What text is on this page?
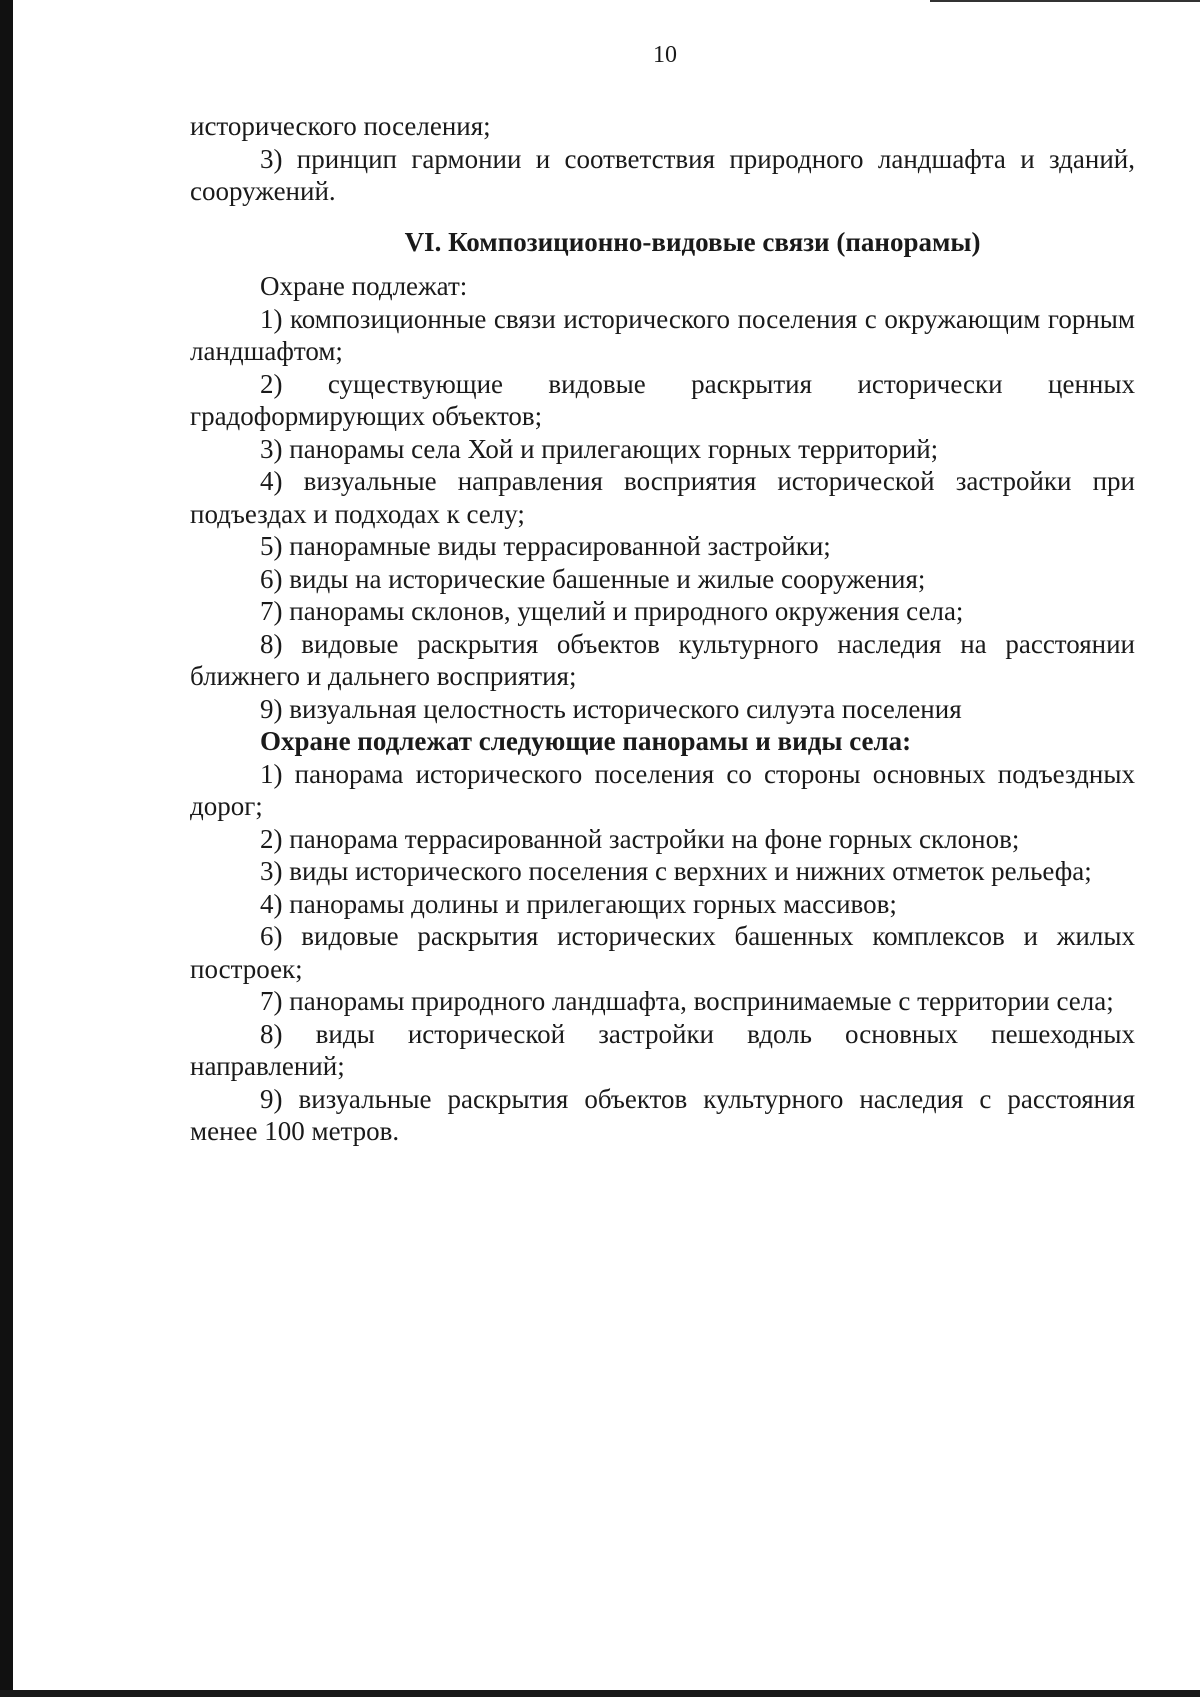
10

исторического поселения;

3) принцип гармонии и соответствия природного ландшафта и зданий, сооружений.

VI. Композиционно-видовые связи (панорамы)

Охране подлежат:

1) композиционные связи исторического поселения с окружающим горным ландшафтом;

2) существующие видовые раскрытия исторически ценных градоформирующих объектов;

3) панорамы села Хой и прилегающих горных территорий;

4) визуальные направления восприятия исторической застройки при подъездах и подходах к селу;

5) панорамные виды террасированной застройки;

6) виды на исторические башенные и жилые сооружения;

7) панорамы склонов, ущелий и природного окружения села;

8) видовые раскрытия объектов культурного наследия на расстоянии ближнего и дальнего восприятия;

9) визуальная целостность исторического силуэта поселения

Охране подлежат следующие панорамы и виды села:

1) панорама исторического поселения со стороны основных подъездных дорог;

2) панорама террасированной застройки на фоне горных склонов;

3) виды исторического поселения с верхних и нижних отметок рельефа;

4) панорамы долины и прилегающих горных массивов;

6) видовые раскрытия исторических башенных комплексов и жилых построек;

7) панорамы природного ландшафта, воспринимаемые с территории села;

8) виды исторической застройки вдоль основных пешеходных направлений;

9) визуальные раскрытия объектов культурного наследия с расстояния менее 100 метров.
